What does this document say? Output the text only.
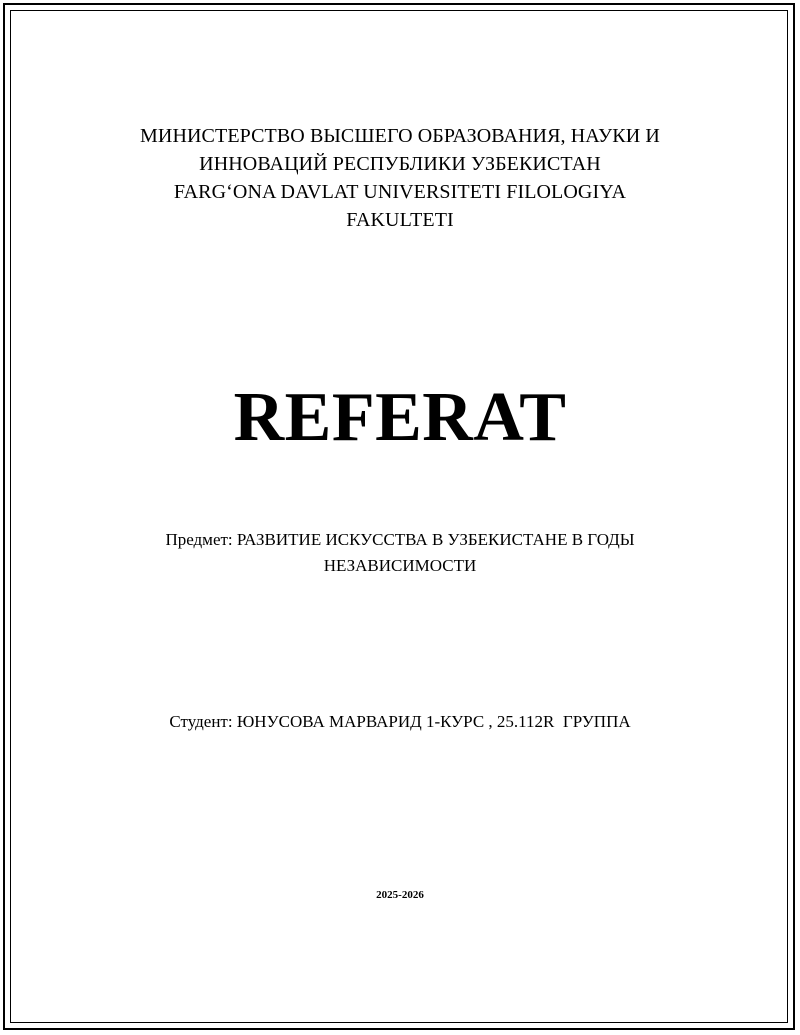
МИНИСТЕРСТВО ВЫСШЕГО ОБРАЗОВАНИЯ, НАУКИ И
ИННОВАЦИЙ РЕСПУБЛИКИ УЗБЕКИСТАН
FARG‘ONA DAVLAT UNIVERSITETI FILOLOGIYA
FAKULTETI
REFERAT
Предмет: РАЗВИТИЕ ИСКУССТВА В УЗБЕКИСТАНЕ В ГОДЫ
НЕЗАВИСИМОСТИ
Студент: ЮНУСОВА МАРВАРИД 1-КУРС , 25.112R  ГРУППА
2025-2026
